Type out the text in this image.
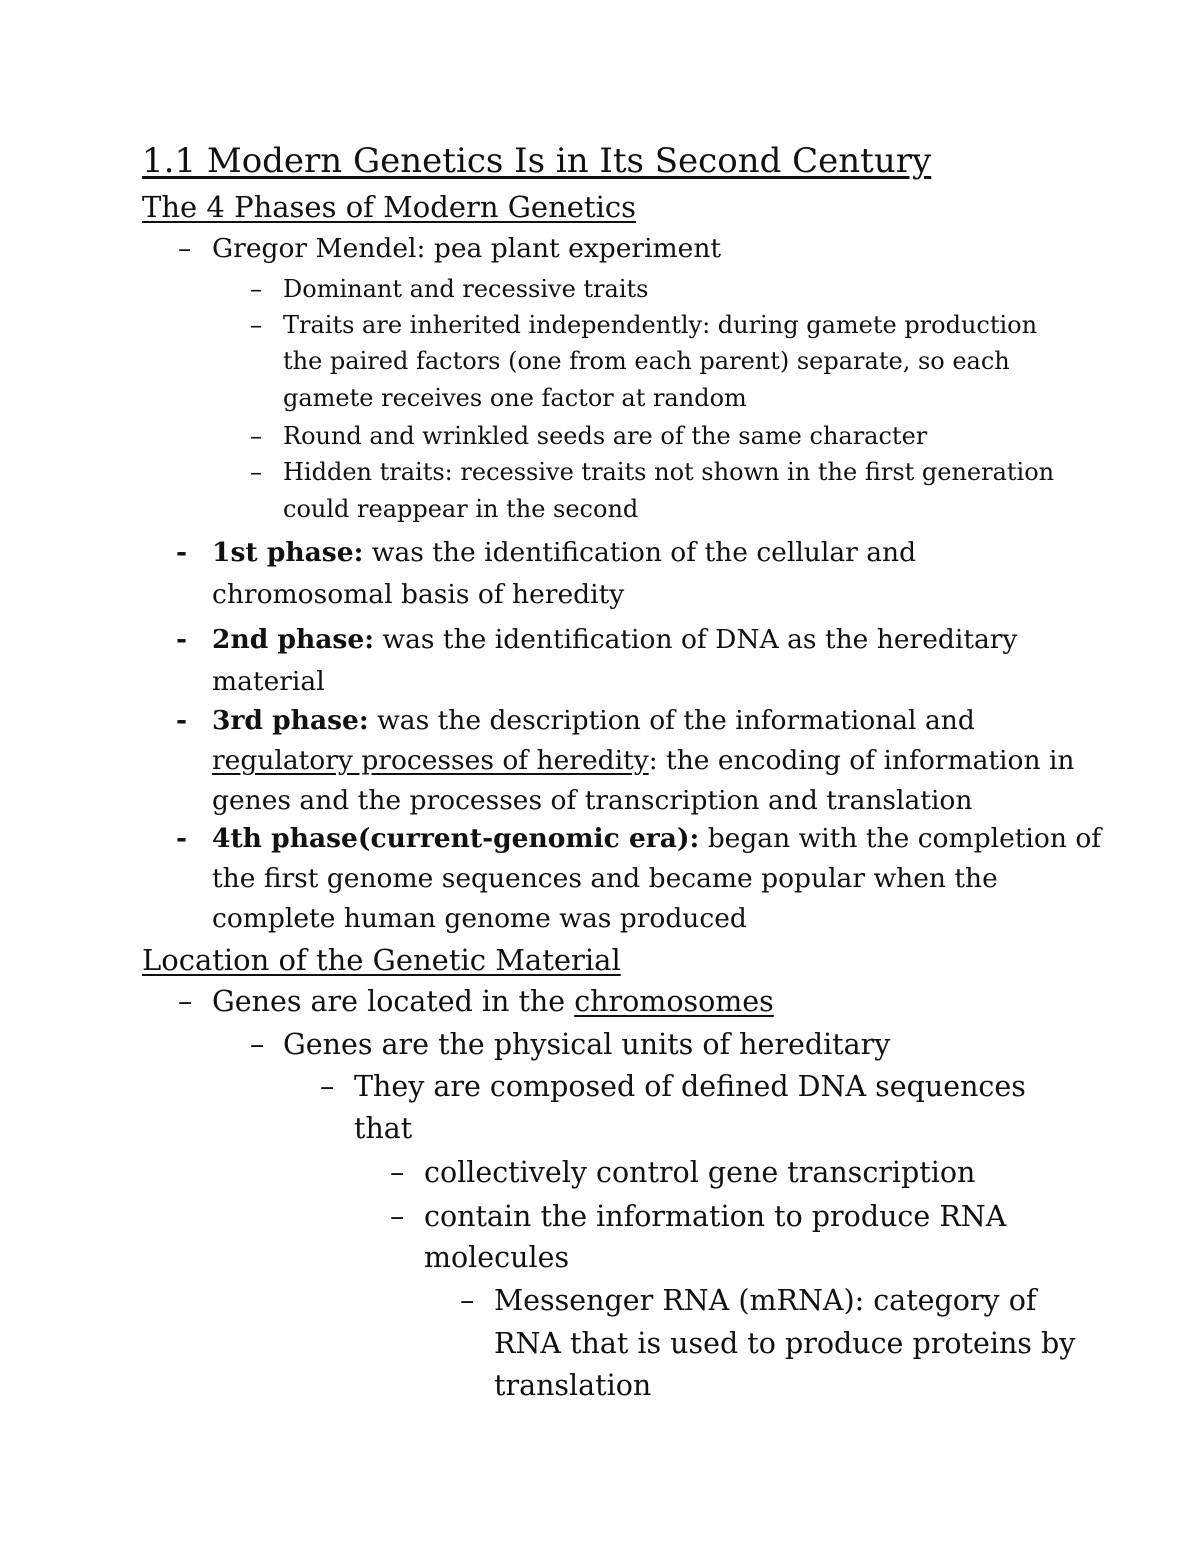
1.1 Modern Genetics Is in Its Second Century
The 4 Phases of Modern Genetics
– Gregor Mendel: pea plant experiment
– Dominant and recessive traits
– Traits are inherited independently: during gamete production
the paired factors (one from each parent) separate, so each
gamete receives one factor at random
– Round and wrinkled seeds are of the same character
– Hidden traits: recessive traits not shown in the first generation
could reappear in the second
- 1st phase: was the identification of the cellular and
chromosomal basis of heredity
- 2nd phase: was the identification of DNA as the hereditary
material
- 3rd phase: was the description of the informational and
regulatory processes of heredity: the encoding of information in
genes and the processes of transcription and translation
- 4th phase(current-genomic era): began with the completion of
the first genome sequences and became popular when the
complete human genome was produced
Location of the Genetic Material
– Genes are located in the chromosomes
– Genes are the physical units of hereditary
– They are composed of defined DNA sequences
that
– collectively control gene transcription
– contain the information to produce RNA
molecules
– Messenger RNA (mRNA): category of
RNA that is used to produce proteins by
translation
